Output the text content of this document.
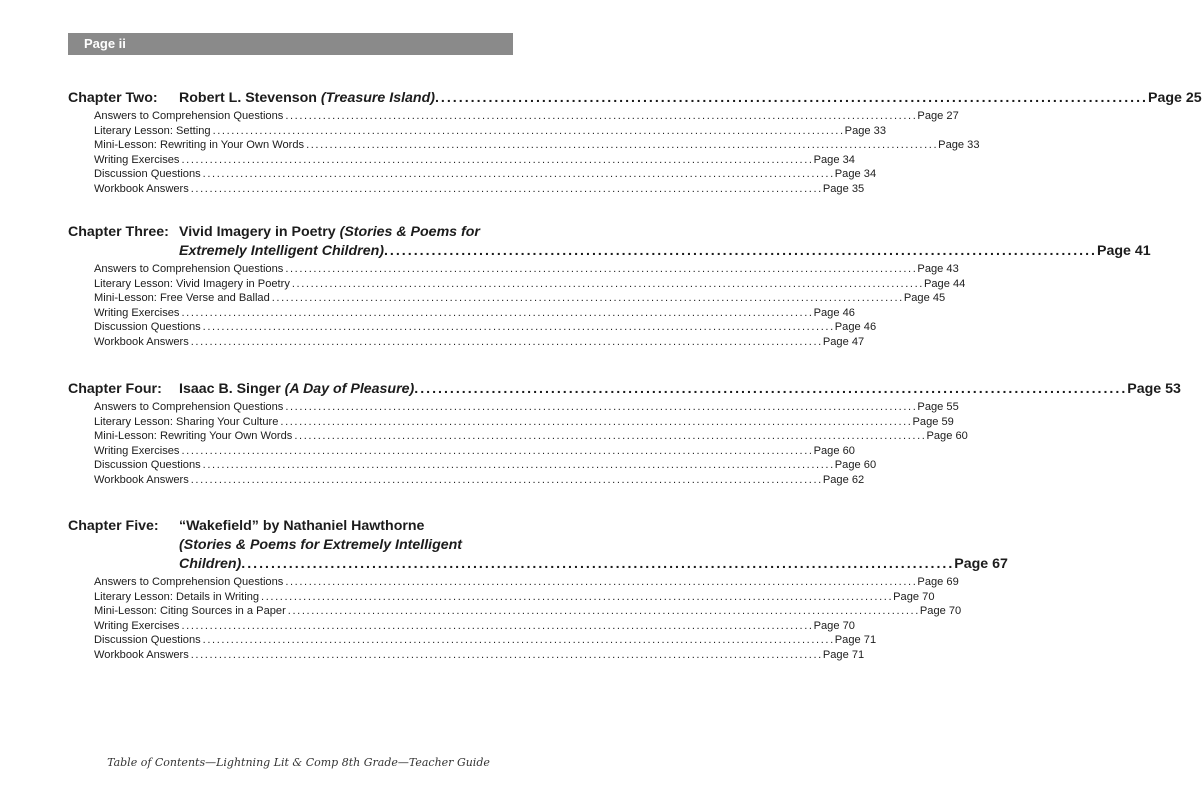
Page ii
Chapter Two:	Robert L. Stevenson (Treasure Island) .....	Page 25
Answers to Comprehension Questions .....	Page 27
Literary Lesson: Setting .....	Page 33
Mini-Lesson: Rewriting in Your Own Words .....	Page 33
Writing Exercises .....	Page 34
Discussion Questions .....	Page 34
Workbook Answers .....	Page 35
Chapter Three: Vivid Imagery in Poetry (Stories & Poems for
Extremely Intelligent Children) .....	Page 41
Answers to Comprehension Questions .....	Page 43
Literary Lesson: Vivid Imagery in Poetry .....	Page 44
Mini-Lesson: Free Verse and Ballad .....	Page 45
Writing Exercises .....	Page 46
Discussion Questions .....	Page 46
Workbook Answers .....	Page 47
Chapter Four:	Isaac B. Singer (A Day of Pleasure) .....	Page 53
Answers to Comprehension Questions .....	Page 55
Literary Lesson: Sharing Your Culture .....	Page 59
Mini-Lesson: Rewriting Your Own Words .....	Page 60
Writing Exercises .....	Page 60
Discussion Questions .....	Page 60
Workbook Answers .....	Page 62
Chapter Five:	“Wakefield” by Nathaniel Hawthorne
(Stories & Poems for Extremely Intelligent
Children) .....	Page 67
Answers to Comprehension Questions .....	Page 69
Literary Lesson: Details in Writing .....	Page 70
Mini-Lesson: Citing Sources in a Paper .....	Page 70
Writing Exercises .....	Page 70
Discussion Questions .....	Page 71
Workbook Answers .....	Page 71
Table of Contents—Lightning Lit & Comp 8th Grade—Teacher Guide
